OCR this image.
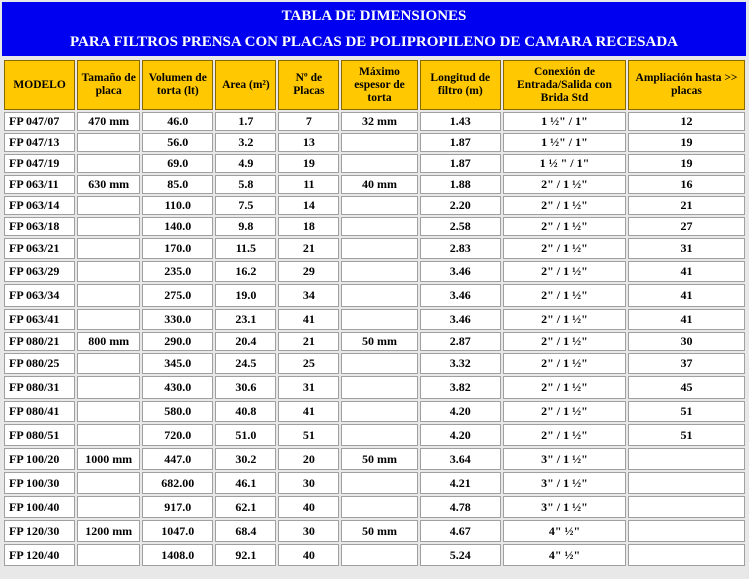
TABLA DE DIMENSIONES
PARA FILTROS PRENSA CON PLACAS DE POLIPROPILENO DE CAMARA RECESADA
MODELO	Tamaño de placa	Volumen de torta (lt)	Area (m²)	Nº de Placas	Máximo espesor de torta	Longitud de filtro (m)	Conexión de Entrada/Salida con Brida Std	Ampliación hasta >> placas
FP 047/07	470 mm	46.0	1.7	7	32 mm	1.43	1 ½" / 1"	12
FP 047/13		56.0	3.2	13		1.87	1 ½" / 1"	19
FP 047/19		69.0	4.9	19		1.87	1 ½ " / 1"	19
FP 063/11	630 mm	85.0	5.8	11	40 mm	1.88	2" / 1 ½"	16
FP 063/14		110.0	7.5	14		2.20	2" / 1 ½"	21
FP 063/18		140.0	9.8	18		2.58	2" / 1 ½"	27
FP 063/21		170.0	11.5	21		2.83	2" / 1 ½"	31
FP 063/29		235.0	16.2	29		3.46	2" / 1 ½"	41
FP 063/34		275.0	19.0	34		3.46	2" / 1 ½"	41
FP 063/41		330.0	23.1	41		3.46	2" / 1 ½"	41
FP 080/21	800 mm	290.0	20.4	21	50 mm	2.87	2" / 1 ½"	30
FP 080/25		345.0	24.5	25		3.32	2" / 1 ½"	37
FP 080/31		430.0	30.6	31		3.82	2" / 1 ½"	45
FP 080/41		580.0	40.8	41		4.20	2" / 1 ½"	51
FP 080/51		720.0	51.0	51		4.20	2" / 1 ½"	51
FP 100/20	1000 mm	447.0	30.2	20	50 mm	3.64	3" / 1 ½"	
FP 100/30		682.00	46.1	30		4.21	3" / 1 ½"	
FP 100/40		917.0	62.1	40		4.78	3" / 1 ½"	
FP 120/30	1200 mm	1047.0	68.4	30	50 mm	4.67	4" ½"	
FP 120/40		1408.0	92.1	40		5.24	4" ½"	
